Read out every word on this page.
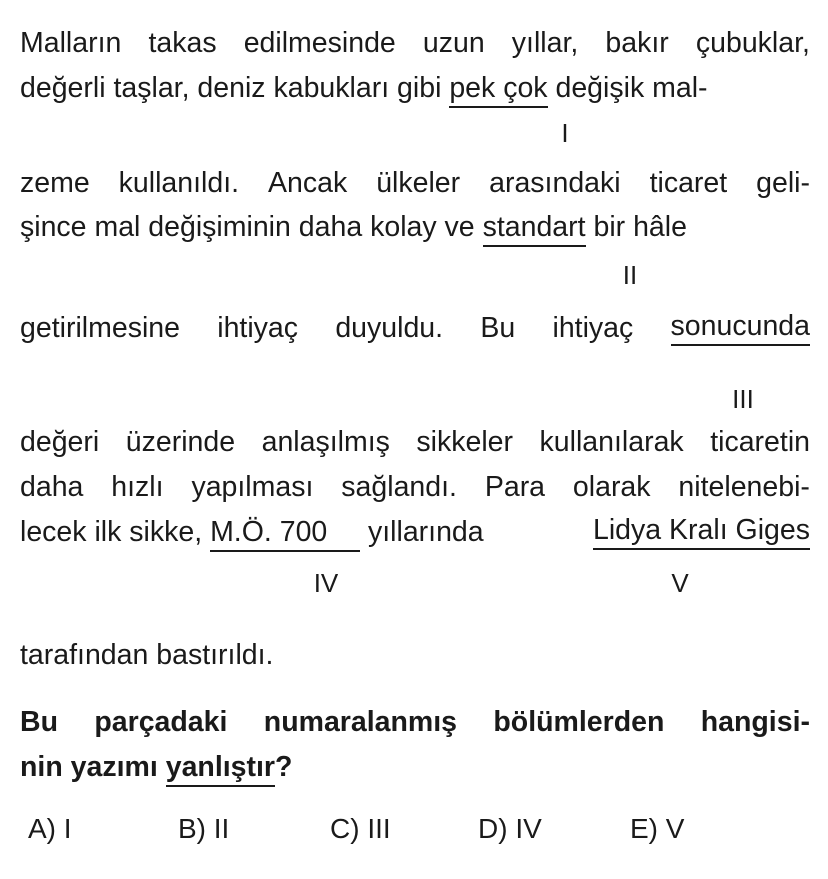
Malların takas edilmesinde uzun yıllar, bakır çubuklar,
değerli taşlar, deniz kabukları gibi pek çok değişik mal-
I
zeme kullanıldı. Ancak ülkeler arasındaki ticaret geli-
şince mal değişiminin daha kolay ve standart bir hâle
II
getirilmesine ihtiyaç duyuldu. Bu ihtiyaç sonucunda
III
değeri üzerinde anlaşılmış sikkeler kullanılarak ticaretin
daha hızlı yapılması sağlandı. Para olarak nitelenebi-
lecek ilk sikke, M.Ö. 700 yıllarında	Lidya Kralı Giges
IV	V
tarafından bastırıldı.
Bu parçadaki numaralanmış bölümlerden hangisi-
nin yazımı yanlıştır?
A) I	B) II	C) III	D) IV	E) V
